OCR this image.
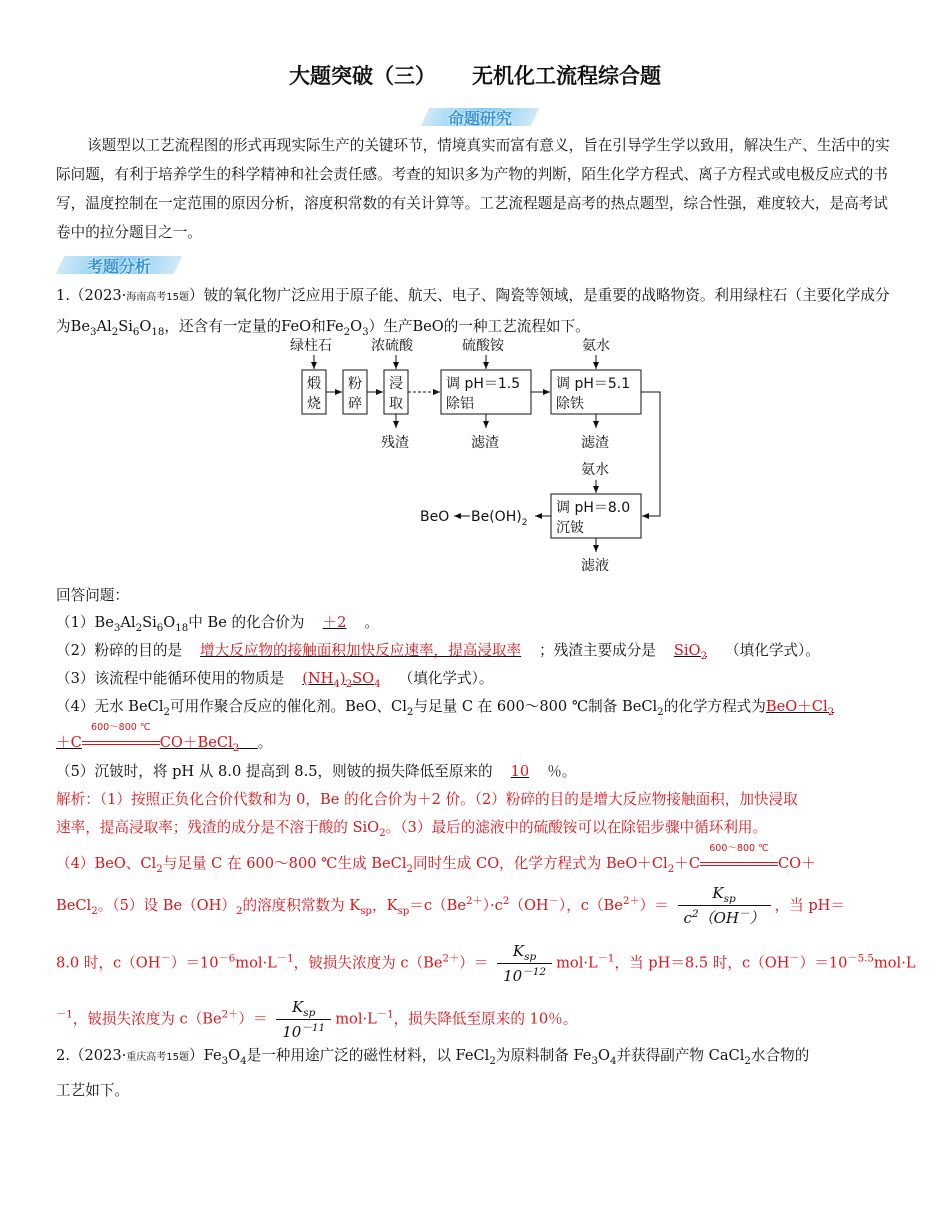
大题突破（三） 无机化工流程综合题
命题研究
该题型以工艺流程图的形式再现实际生产的关键环节，情境真实而富有意义，旨在引导学生学以致用，解决生产、生活中的实际问题，有利于培养学生的科学精神和社会责任感。考查的知识多为产物的判断，陌生化学方程式、离子方程式或电极反应式的书写，温度控制在一定范围的原因分析，溶度积常数的有关计算等。工艺流程题是高考的热点题型，综合性强，难度较大，是高考试卷中的拉分题目之一。
考题分析
1.（2023·海南高考15题）铍的氧化物广泛应用于原子能、航天、电子、陶瓷等领域，是重要的战略物资。利用绿柱石（主要化学成分为$Be_3Al_2Si_6O_{18}$，还含有一定量的FeO和$Fe_2O_3$）生产BeO的一种工艺流程如下。
绿柱石	浓硫酸	硫酸铵	氨水
煅
烧
粉
碎
浸
取
调 pH＝1.5
除铝
调 pH＝5.1
除铁
残渣	滤渣	滤渣
氨水
调 pH＝8.0
沉铍
BeO $Be(OH)_2$
滤液
回答问题：
$(1)Be_3Al_2Si_6O_{18}$中 Be 的化合价为 ＋2 。
（2）粉碎的目的是 增大反应物的接触面积加快反应速率，提高浸取率 ；残渣主要成分是 SiO$_2$ （填化学式）。
（3）该流程中能循环使用的物质是 $(NH_4)_2SO_4$ （填化学式）。
（4）无水 BeCl$_2$可用作聚合反应的催化剂。BeO、$Cl_2$与足量 C 在 600～800 ℃制备 BeCl$_2$的化学方程式为$BeO+Cl_2$
＋C
600～800 ℃
CO＋BeCl$_2$ 。
（5）沉铍时，将 pH 从 8.0 提高到 8.5，则铍的损失降低至原来的 10 ％。
解析：（1）按照正负化合价代数和为 0，Be 的化合价为＋2 价。（2）粉碎的目的是增大反应物接触面积，加快浸取
速率，提高浸取率；残渣的成分是不溶于酸的 SiO$_2$。（3）最后的滤液中的硫酸铵可以在除铝步骤中循环利用。
（4）BeO、$Cl_2$与足量 C 在 600～800 ℃生成 BeCl$_2$同时生成 CO，化学方程式为 $BeO+Cl_2+C$
600～800 ℃
CO＋
BeCl$_2$。（5）设 $Be(OH)_2$的溶度积常数为 $K_{sp}$，$K_{sp}=c(Be^{2+})\cdot c^2(OH^-)$，$c(Be^{2+})= \frac{K_{sp}}{c^2(OH^-)}$ ，当 pH＝
8.0 时，$c(OH^-)=10^{-6}mol\cdot L^{-1}$，铍损失浓度为 $c(Be^{2+})= \frac{K_{sp}}{10^{-12}} mol\cdot L^{-1}$，当 pH＝8.5 时，$c(OH^-)=10^{-5.5}mol\cdot L$
$^{-1}$，铍损失浓度为 $c(Be^{2+})= \frac{K_{sp}}{10^{-11}} mol\cdot L^{-1}$，损失降低至原来的 10％。
2.（2023·重庆高考15题）$Fe_3O_4$是一种用途广泛的磁性材料，以 FeCl$_2$为原料制备 $Fe_3O_4$并获得副产物 CaCl$_2$水合物的
工艺如下。
